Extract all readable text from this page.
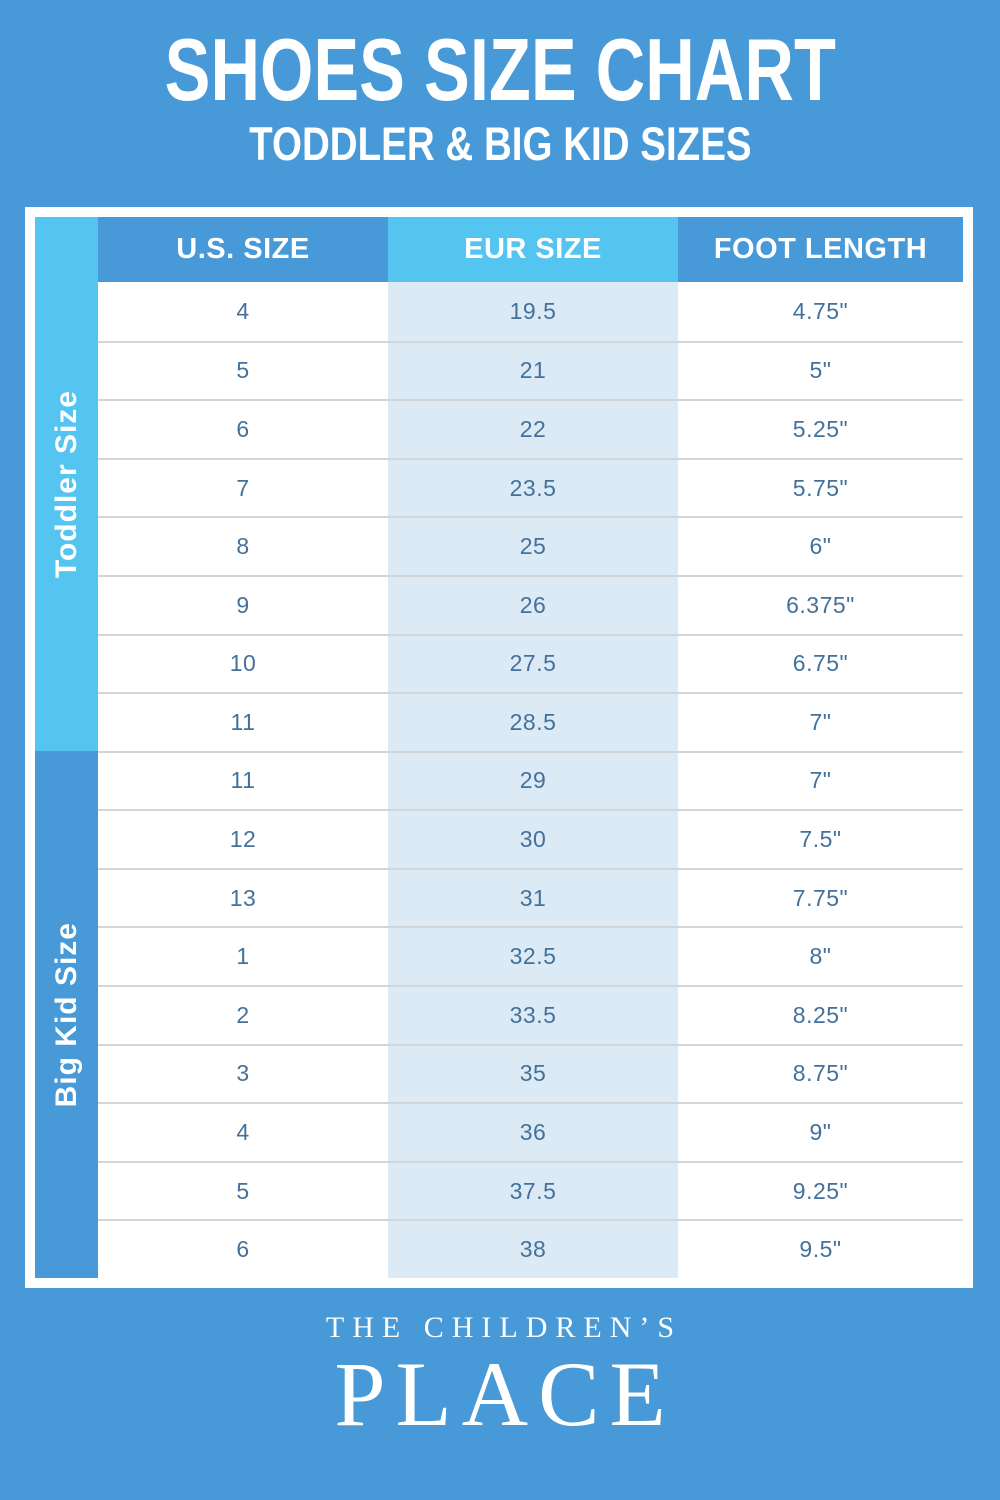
SHOES SIZE CHART
TODDLER & BIG KID SIZES
U.S. SIZE	EUR SIZE	FOOT LENGTH
Toddler Size
4	19.5	4.75"
5	21	5"
6	22	5.25"
7	23.5	5.75"
8	25	6"
9	26	6.375"
10	27.5	6.75"
11	28.5	7"
Big Kid Size
11	29	7"
12	30	7.5"
13	31	7.75"
1	32.5	8"
2	33.5	8.25"
3	35	8.75"
4	36	9"
5	37.5	9.25"
6	38	9.5"
THE CHILDREN’S
PLACE
